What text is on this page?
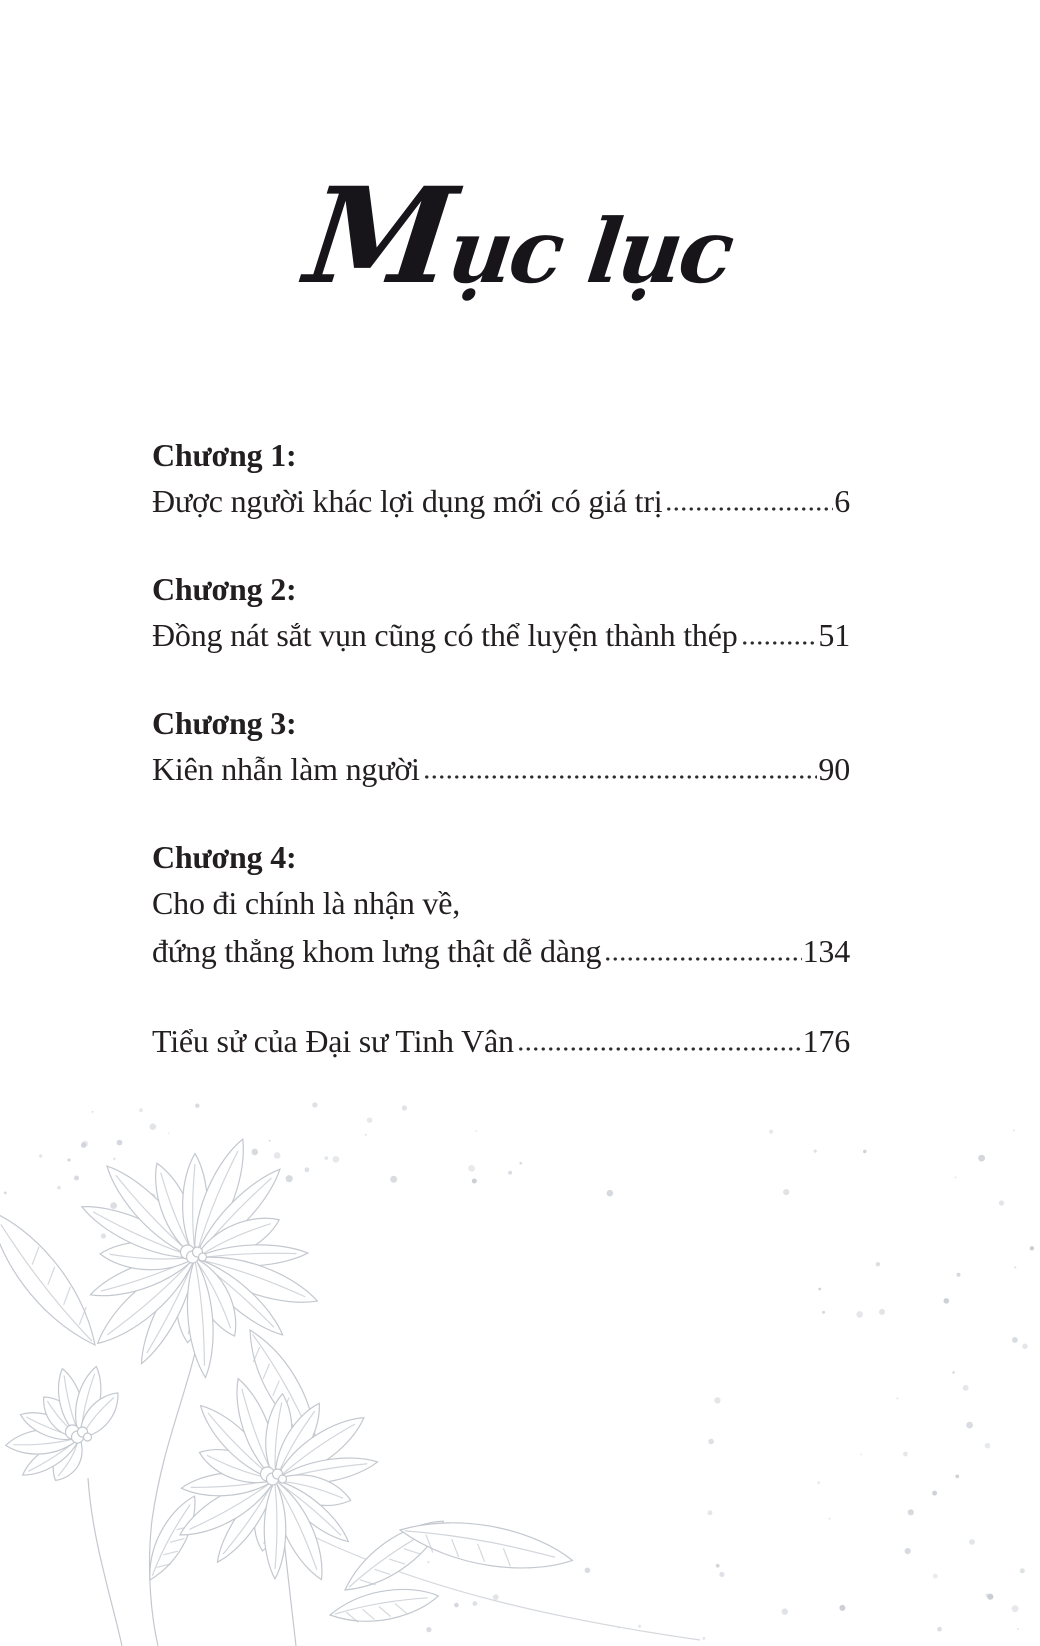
Mục lục
Chương 1:
Được người khác lợi dụng mới có giá trị	6
Chương 2:
Đồng nát sắt vụn cũng có thể luyện thành thép	51
Chương 3:
Kiên nhẫn làm người	90
Chương 4:
Cho đi chính là nhận về,
đứng thẳng khom lưng thật dễ dàng	134
Tiểu sử của Đại sư Tinh Vân	176
